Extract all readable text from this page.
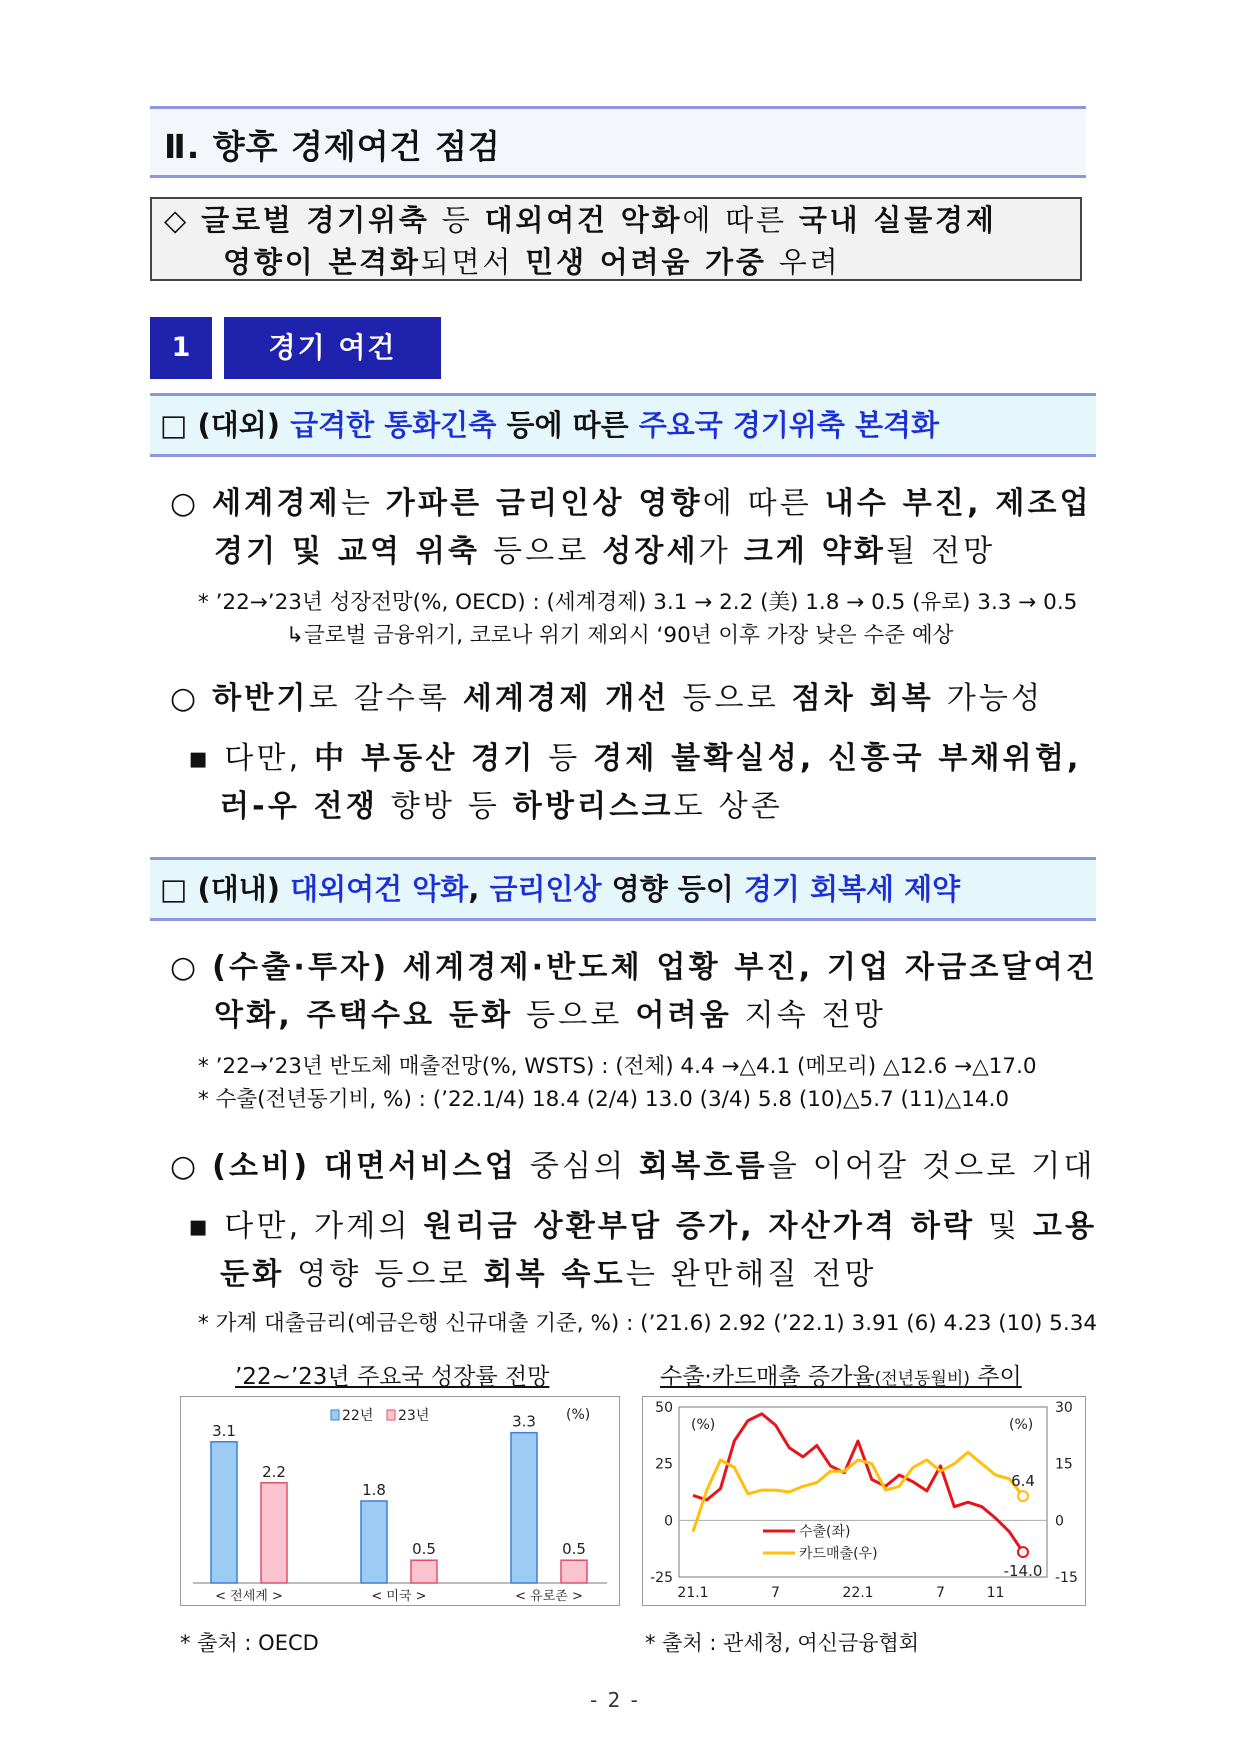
Ⅱ. 향후 경제여건 점검
◇ 글로벌 경기위축 등 대외여건 악화에 따른 국내 실물경제
영향이 본격화되면서 민생 어려움 가중 우려
1	경기 여건
□ (대외) 급격한 통화긴축 등에 따른 주요국 경기위축 본격화
○ 세계경제는 가파른 금리인상 영향에 따른 내수 부진, 제조업
경기 및 교역 위축 등으로 성장세가 크게 약화될 전망
* ’22→’23년 성장전망(%, OECD) : (세계경제) 3.1 → 2.2 (美) 1.8 → 0.5 (유로) 3.3 → 0.5
↳글로벌 금융위기, 코로나 위기 제외시 ‘90년 이후 가장 낮은 수준 예상
○ 하반기로 갈수록 세계경제 개선 등으로 점차 회복 가능성
▪ 다만, 中 부동산 경기 등 경제 불확실성, 신흥국 부채위험,
러-우 전쟁 향방 등 하방리스크도 상존
□ (대내) 대외여건 악화, 금리인상 영향 등이 경기 회복세 제약
○ (수출·투자) 세계경제·반도체 업황 부진, 기업 자금조달여건
악화, 주택수요 둔화 등으로 어려움 지속 전망
* ’22→’23년 반도체 매출전망(%, WSTS) : (전체) 4.4 →△4.1 (메모리) △12.6 →△17.0
* 수출(전년동기비, %) : (’22.1/4) 18.4 (2/4) 13.0 (3/4) 5.8 (10)△5.7 (11)△14.0
○ (소비) 대면서비스업 중심의 회복흐름을 이어갈 것으로 기대
▪ 다만, 가계의 원리금 상환부담 증가, 자산가격 하락 및 고용
둔화 영향 등으로 회복 속도는 완만해질 전망
* 가계 대출금리(예금은행 신규대출 기준, %) : (’21.6) 2.92 (’22.1) 3.91 (6) 4.23 (10) 5.34
’22~’23년 주요국 성장률 전망	수출·카드매출 증가율(전년동월비) 추이
3.1
2.2
< 전세계 >
1.8
0.5
< 미국 >
3.3
0.5
< 유로존 >
22년 23년	(%)	50
25
0
-25
30
15
0
-15
(%)	(%)
21.1	7	22.1	7	11
-14.0
6.4
수출(좌)
카드매출(우)
* 출처 : OECD	* 출처 : 관세청, 여신금융협회
- 2 -
